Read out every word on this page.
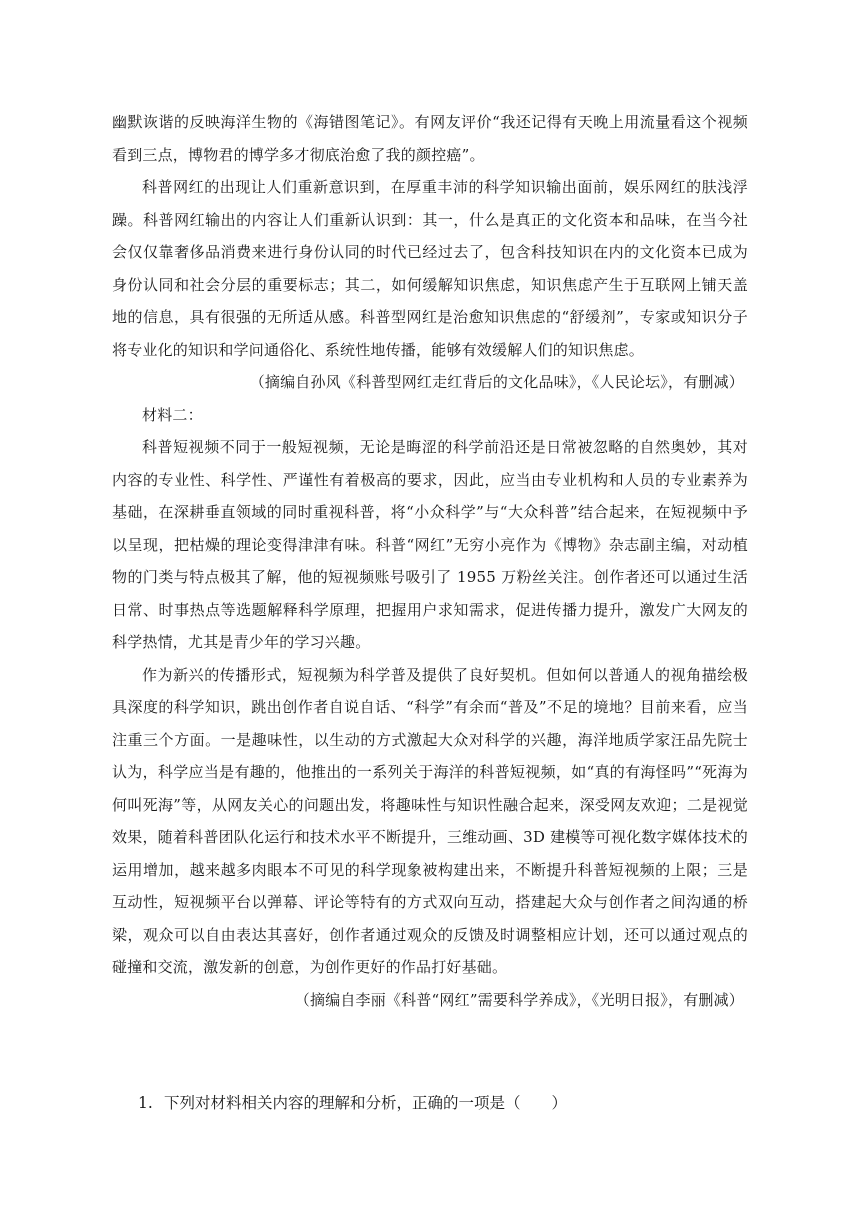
幽默诙谐的反映海洋生物的《海错图笔记》。有网友评价“我还记得有天晚上用流量看这个视频看到三点，博物君的博学多才彻底治愈了我的颜控癌”。

科普网红的出现让人们重新意识到，在厚重丰沛的科学知识输出面前，娱乐网红的肤浅浮躁。科普网红输出的内容让人们重新认识到：其一，什么是真正的文化资本和品味，在当今社会仅仅靠奢侈品消费来进行身份认同的时代已经过去了，包含科技知识在内的文化资本已成为身份认同和社会分层的重要标志；其二，如何缓解知识焦虑，知识焦虑产生于互联网上铺天盖地的信息，具有很强的无所适从感。科普型网红是治愈知识焦虑的“舒缓剂”，专家或知识分子将专业化的知识和学问通俗化、系统性地传播，能够有效缓解人们的知识焦虑。

（摘编自孙风《科普型网红走红背后的文化品味》，《人民论坛》，有删减）

材料二：

科普短视频不同于一般短视频，无论是晦涩的科学前沿还是日常被忽略的自然奥妙，其对内容的专业性、科学性、严谨性有着极高的要求，因此，应当由专业机构和人员的专业素养为基础，在深耕垂直领域的同时重视科普，将“小众科学”与“大众科普”结合起来，在短视频中予以呈现，把枯燥的理论变得津津有味。科普“网红”无穷小亮作为《博物》杂志副主编，对动植物的门类与特点极其了解，他的短视频账号吸引了 1955 万粉丝关注。创作者还可以通过生活日常、时事热点等选题解释科学原理，把握用户求知需求，促进传播力提升，激发广大网友的科学热情，尤其是青少年的学习兴趣。

作为新兴的传播形式，短视频为科学普及提供了良好契机。但如何以普通人的视角描绘极具深度的科学知识，跳出创作者自说自话、“科学”有余而“普及”不足的境地？目前来看，应当注重三个方面。一是趣味性，以生动的方式激起大众对科学的兴趣，海洋地质学家汪品先院士认为，科学应当是有趣的，他推出的一系列关于海洋的科普短视频，如“真的有海怪吗”“死海为何叫死海”等，从网友关心的问题出发，将趣味性与知识性融合起来，深受网友欢迎；二是视觉效果，随着科普团队化运行和技术水平不断提升，三维动画、3D 建模等可视化数字媒体技术的运用增加，越来越多肉眼本不可见的科学现象被构建出来，不断提升科普短视频的上限；三是互动性，短视频平台以弹幕、评论等特有的方式双向互动，搭建起大众与创作者之间沟通的桥梁，观众可以自由表达其喜好，创作者通过观众的反馈及时调整相应计划，还可以通过观点的碰撞和交流，激发新的创意，为创作更好的作品打好基础。

（摘编自李丽《科普“网红”需要科学养成》，《光明日报》，有删减）

1. 下列对材料相关内容的理解和分析，正确的一项是（　　）
